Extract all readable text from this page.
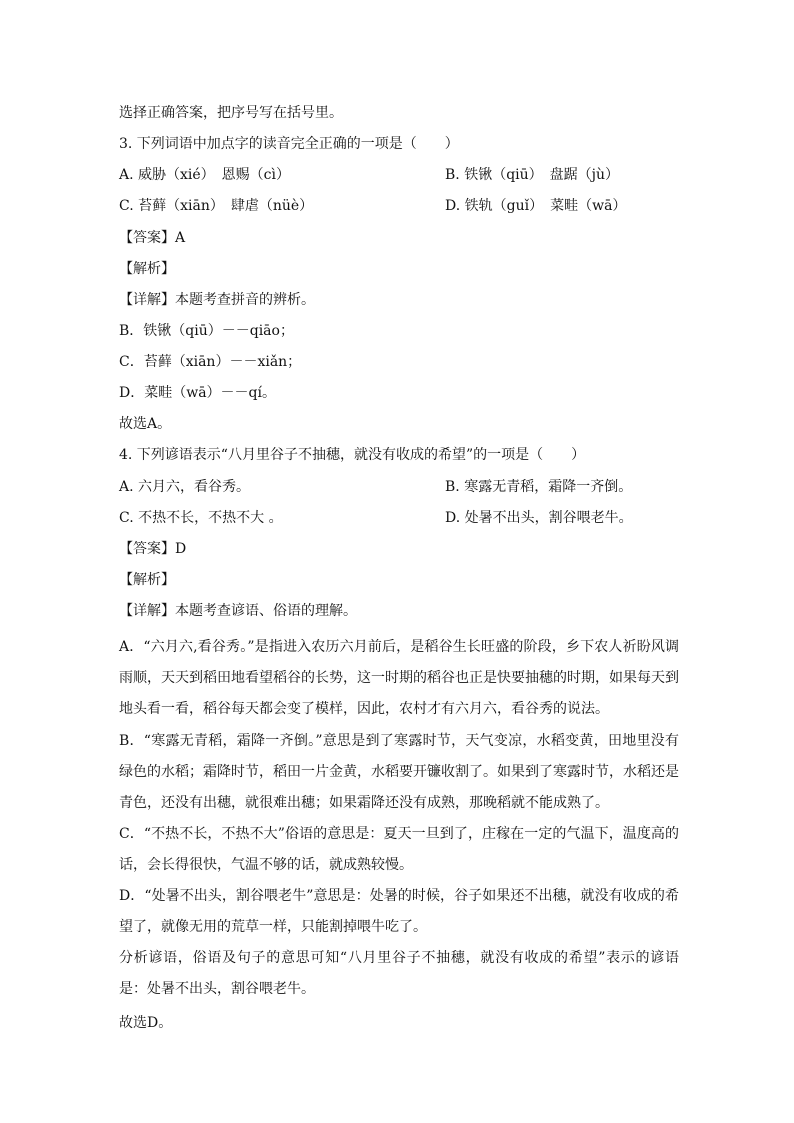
选择正确答案，把序号写在括号里。
3. 下列词语中加点字的读音完全正确的一项是（　　）
A. 威胁（xié）　恩赐（cì）	B. 铁锹（qiū）　盘踞（jù）
C. 苔藓（xiān）　肆虐（nüè）	D. 铁轨（guǐ）　菜畦（wā）
【答案】A
【解析】
【详解】本题考查拼音的辨析。
B．铁锹（qiū）－－qiāo；
C．苔藓（xiān）－－xiǎn；
D．菜畦（wā）－－qí。
故选A。
4. 下列谚语表示“八月里谷子不抽穗，就没有收成的希望”的一项是（　　）
A. 六月六，看谷秀。	B. 寒露无青稻，霜降一齐倒。
C. 不热不长，不热不大 。	D. 处暑不出头，割谷喂老牛。
【答案】D
【解析】
【详解】本题考查谚语、俗语的理解。
A．“六月六,看谷秀。”是指进入农历六月前后，是稻谷生长旺盛的阶段，乡下农人祈盼风调雨顺，天天到稻田地看望稻谷的长势，这一时期的稻谷也正是快要抽穗的时期，如果每天到地头看一看，稻谷每天都会变了模样，因此，农村才有六月六，看谷秀的说法。
B．“寒露无青稻，霜降一齐倒。”意思是到了寒露时节，天气变凉，水稻变黄，田地里没有绿色的水稻；霜降时节，稻田一片金黄，水稻要开镰收割了。如果到了寒露时节，水稻还是青色，还没有出穗，就很难出穗；如果霜降还没有成熟，那晚稻就不能成熟了。
C．“不热不长，不热不大”俗语的意思是：夏天一旦到了，庄稼在一定的气温下，温度高的话，会长得很快，气温不够的话，就成熟较慢。
D．“处暑不出头，割谷喂老牛”意思是：处暑的时候，谷子如果还不出穗，就没有收成的希望了，就像无用的荒草一样，只能割掉喂牛吃了。
分析谚语，俗语及句子的意思可知“八月里谷子不抽穗，就没有收成的希望”表示的谚语是：处暑不出头，割谷喂老牛。
故选D。
